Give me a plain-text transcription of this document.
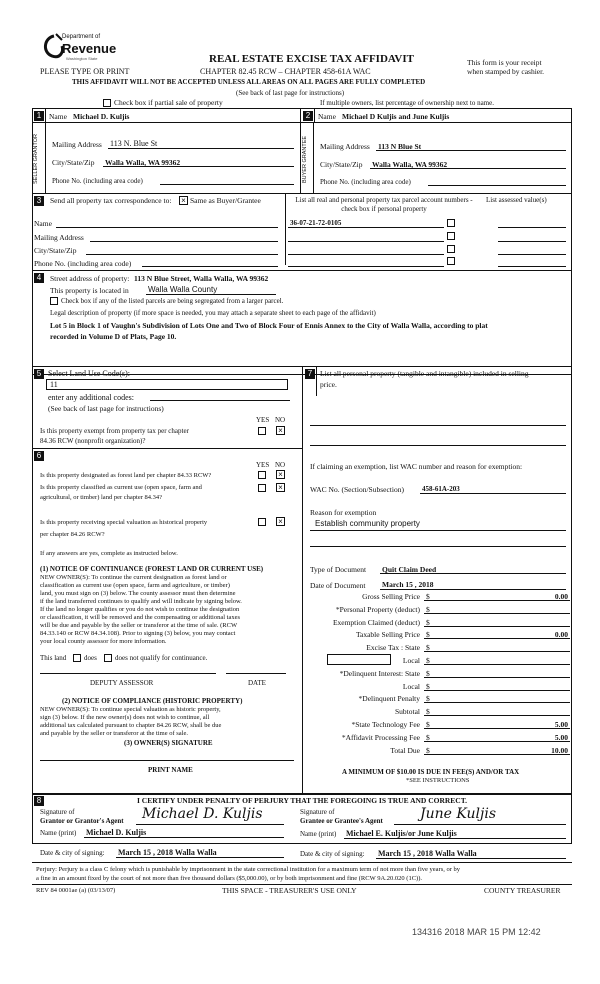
Department of
Revenue
Washington State
PLEASE TYPE OR PRINT
REAL ESTATE EXCISE TAX AFFIDAVIT
CHAPTER 82.45 RCW – CHAPTER 458-61A WAC
THIS AFFIDAVIT WILL NOT BE ACCEPTED UNLESS ALL AREAS ON ALL PAGES ARE FULLY COMPLETED
(See back of last page for instructions)
This form is your receipt
when stamped by cashier.
Check box if partial sale of property	If multiple owners, list percentage of ownership next to name.
1	Name Michael D. Kuljis
SELLER GRANTOR Mailing Address 113 N. Blue St
City/State/Zip Walla Walla, WA 99362
Phone No. (including area code)
2	Name Michael D Kuljis and June Kuljis
BUYER GRANTEE Mailing Address 113 N Blue St
City/State/Zip Walla Walla, WA 99362
Phone No. (including area code)
3	Send all property tax correspondence to: × Same as Buyer/Grantee	List all real and personal property tax parcel account numbers - check box if personal property
List assessed value(s)
Name
Mailing Address
City/State/Zip
Phone No. (including area code)
36-07-21-72-0105
4	Street address of property: 113 N Blue Street, Walla Walla, WA 99362
This property is located in Walla Walla County
Check box if any of the listed parcels are being segregated from a larger parcel.
Legal description of property (if more space is needed, you may attach a separate sheet to each page of the affidavit)
Lot 5 in Block 1 of Vaughn's Subdivision of Lots One and Two of Block Four of Ennis Annex to the City of Walla Walla, according to plat
recorded in Volume D of Plats, Page 10.
5 Select Land Use Code(s):
11
enter any additional codes:
(See back of last page for instructions)
YES NO
Is this property exempt from property tax per chapter
84.36 RCW (nonprofit organization)?
×
6
YES NO
Is this property designated as forest land per chapter 84.33 RCW?	×
Is this property classified as current use (open space, farm and
agricultural, or timber) land per chapter 84.34?
×
Is this property receiving special valuation as historical property
per chapter 84.26 RCW?
×
If any answers are yes, complete as instructed below.
(1) NOTICE OF CONTINUANCE (FOREST LAND OR CURRENT USE)
NEW OWNER(S): To continue the current designation as forest land or
classification as current use (open space, farm and agriculture, or timber)
land, you must sign on (3) below. The county assessor must then determine
if the land transferred continues to qualify and will indicate by signing below.
If the land no longer qualifies or you do not wish to continue the designation
or classification, it will be removed and the compensating or additional taxes
will be due and payable by the seller or transferor at the time of sale. (RCW
84.33.140 or RCW 84.34.108). Prior to signing (3) below, you may contact
your local county assessor for more information.
This land	does	does not qualify for continuance.
DEPUTY ASSESSOR	DATE
(2) NOTICE OF COMPLIANCE (HISTORIC PROPERTY)
NEW OWNER(S): To continue special valuation as historic property,
sign (3) below. If the new owner(s) does not wish to continue, all
additional tax calculated pursuant to chapter 84.26 RCW, shall be due
and payable by the seller or transferor at the time of sale.
(3) OWNER(S) SIGNATURE
PRINT NAME
7	List all personal property (tangible and intangible) included in selling
price.
If claiming an exemption, list WAC number and reason for exemption:
WAC No. (Section/Subsection)	458-61A-203
Reason for exemption
Establish community property
Type of Document Quit Claim Deed
Date of Document March 15 , 2018
Gross Selling Price $	0.00
*Personal Property (deduct) $
Exemption Claimed (deduct) $
Taxable Selling Price $	0.00
Excise Tax : State $
Local $
*Delinquent Interest: State $
Local $
*Delinquent Penalty $
Subtotal $
*State Technology Fee $	5.00
*Affidavit Processing Fee $	5.00
Total Due $	10.00
A MINIMUM OF $10.00 IS DUE IN FEE(S) AND/OR TAX
*SEE INSTRUCTIONS
8	I CERTIFY UNDER PENALTY OF PERJURY THAT THE FOREGOING IS TRUE AND CORRECT.
Signature of
Grantor or Grantor's Agent Michael D. Kuljis
Name (print) Michael D. Kuljis
Signature of
Grantee or Grantee's Agent	June Kuljis
Name (print) Michael E. Kuljis/or June Kuljis
Date & city of signing: March 15 , 2018 Walla Walla	Date & city of signing: March 15 , 2018 Walla Walla
Perjury: Perjury is a class C felony which is punishable by imprisonment in the state correctional institution for a maximum term of not more than five years, or by
a fine in an amount fixed by the court of not more than five thousand dollars ($5,000.00), or by both imprisonment and fine (RCW 9A.20.020 (1C)).
REV 84 0001ae (a) (03/13/07)	THIS SPACE - TREASURER'S USE ONLY	COUNTY TREASURER
134316 2018 MAR 15 PM 12:42
